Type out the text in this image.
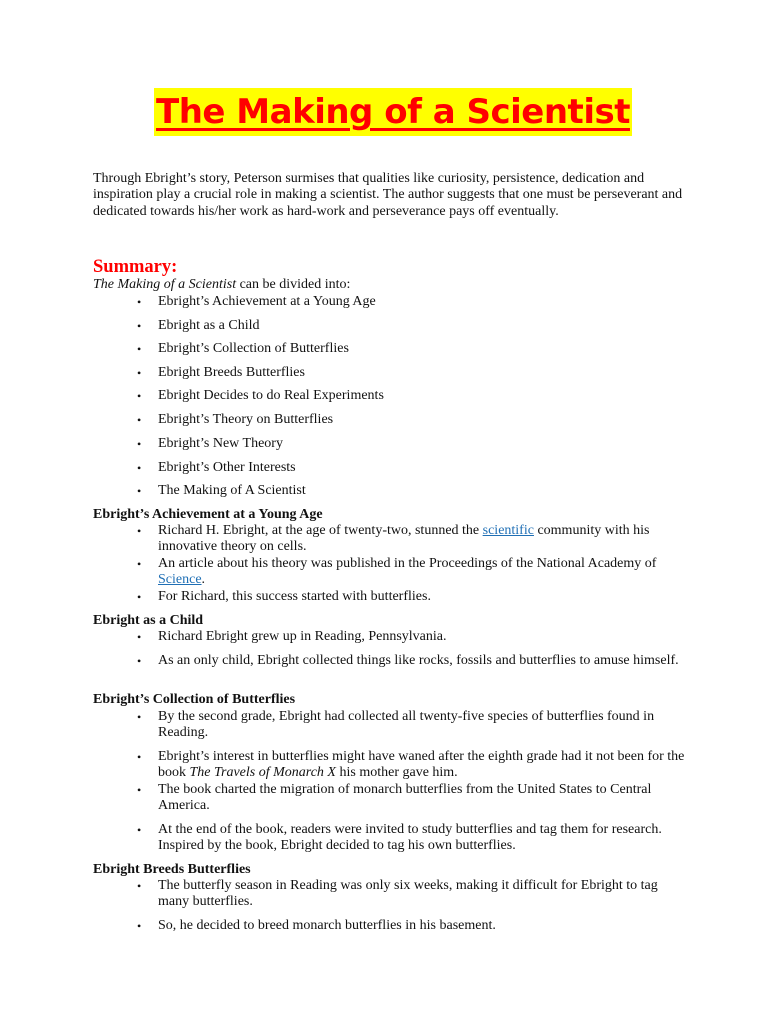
The Making of a Scientist
Through Ebright’s story, Peterson surmises that qualities like curiosity, persistence, dedication and inspiration play a crucial role in making a scientist. The author suggests that one must be perseverant and dedicated towards his/her work as hard-work and perseverance pays off eventually.
Summary:
The Making of a Scientist can be divided into:
• Ebright’s Achievement at a Young Age
• Ebright as a Child
• Ebright’s Collection of Butterflies
• Ebright Breeds Butterflies
• Ebright Decides to do Real Experiments
• Ebright’s Theory on Butterflies
• Ebright’s New Theory
• Ebright’s Other Interests
• The Making of A Scientist
Ebright’s Achievement at a Young Age
• Richard H. Ebright, at the age of twenty-two, stunned the scientific community with his innovative theory on cells.
• An article about his theory was published in the Proceedings of the National Academy of Science.
• For Richard, this success started with butterflies.
Ebright as a Child
• Richard Ebright grew up in Reading, Pennsylvania.
• As an only child, Ebright collected things like rocks, fossils and butterflies to amuse himself.
Ebright’s Collection of Butterflies
• By the second grade, Ebright had collected all twenty-five species of butterflies found in Reading.
• Ebright’s interest in butterflies might have waned after the eighth grade had it not been for the book The Travels of Monarch X his mother gave him.
• The book charted the migration of monarch butterflies from the United States to Central America.
• At the end of the book, readers were invited to study butterflies and tag them for research. Inspired by the book, Ebright decided to tag his own butterflies.
Ebright Breeds Butterflies
• The butterfly season in Reading was only six weeks, making it difficult for Ebright to tag many butterflies.
• So, he decided to breed monarch butterflies in his basement.
